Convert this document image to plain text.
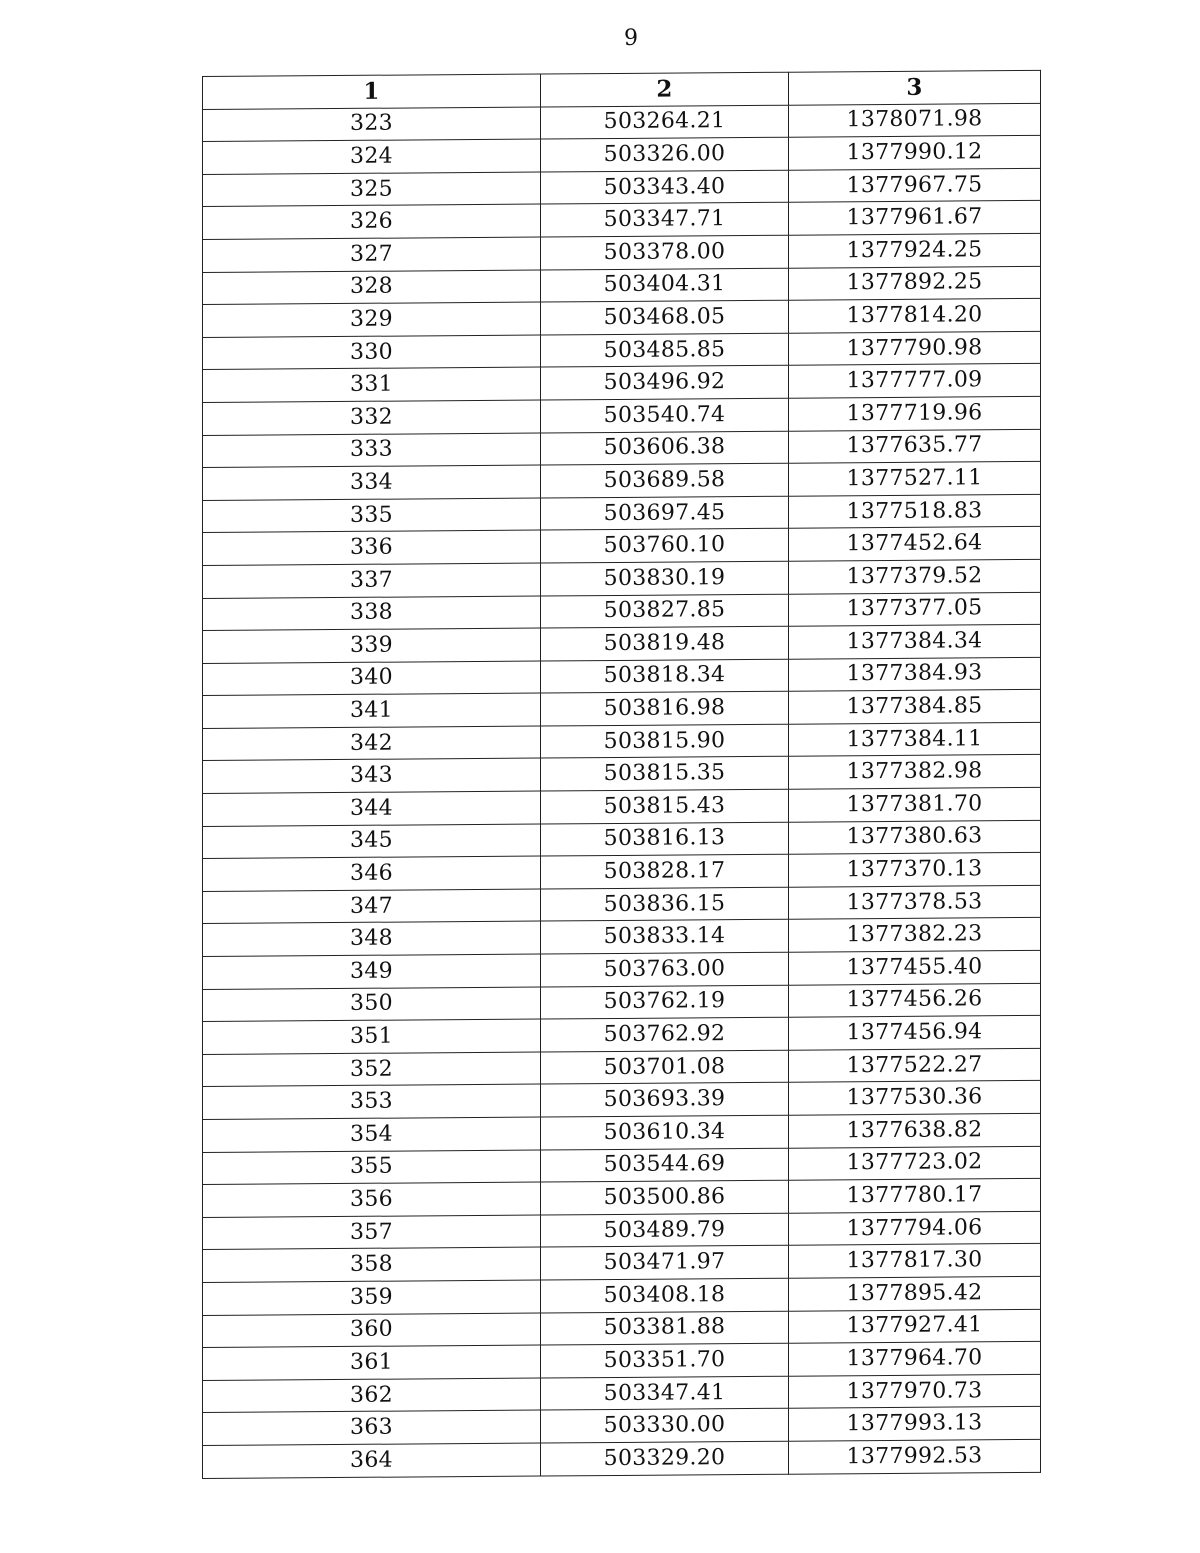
9
1	2	3
323	503264.21	1378071.98
324	503326.00	1377990.12
325	503343.40	1377967.75
326	503347.71	1377961.67
327	503378.00	1377924.25
328	503404.31	1377892.25
329	503468.05	1377814.20
330	503485.85	1377790.98
331	503496.92	1377777.09
332	503540.74	1377719.96
333	503606.38	1377635.77
334	503689.58	1377527.11
335	503697.45	1377518.83
336	503760.10	1377452.64
337	503830.19	1377379.52
338	503827.85	1377377.05
339	503819.48	1377384.34
340	503818.34	1377384.93
341	503816.98	1377384.85
342	503815.90	1377384.11
343	503815.35	1377382.98
344	503815.43	1377381.70
345	503816.13	1377380.63
346	503828.17	1377370.13
347	503836.15	1377378.53
348	503833.14	1377382.23
349	503763.00	1377455.40
350	503762.19	1377456.26
351	503762.92	1377456.94
352	503701.08	1377522.27
353	503693.39	1377530.36
354	503610.34	1377638.82
355	503544.69	1377723.02
356	503500.86	1377780.17
357	503489.79	1377794.06
358	503471.97	1377817.30
359	503408.18	1377895.42
360	503381.88	1377927.41
361	503351.70	1377964.70
362	503347.41	1377970.73
363	503330.00	1377993.13
364	503329.20	1377992.53
